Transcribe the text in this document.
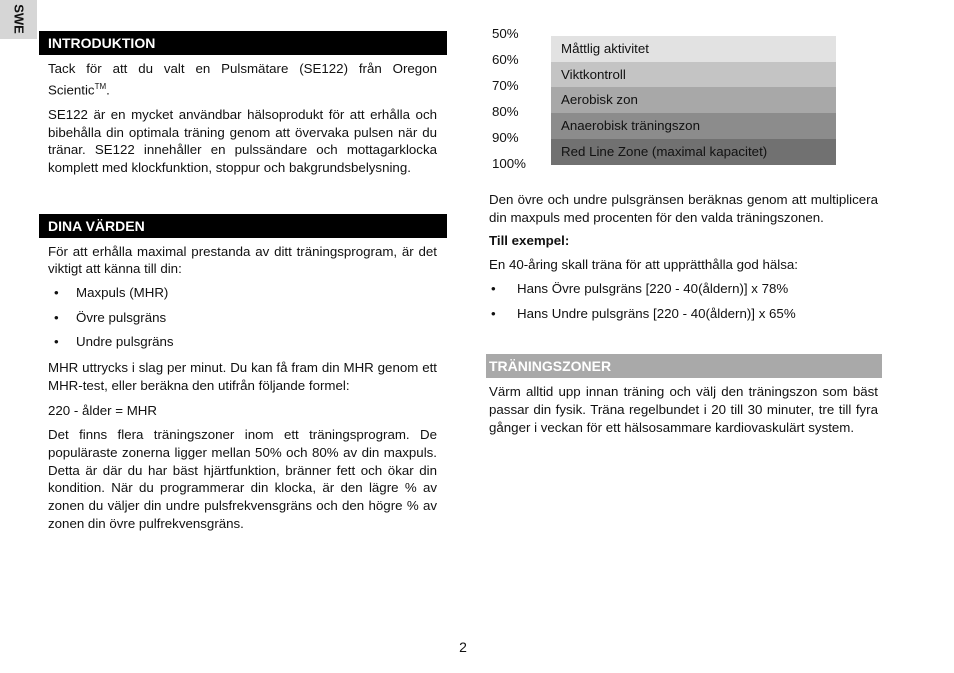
SWE
INTRODUKTION

Tack för att du valt en Pulsmätare (SE122) från Oregon Scientic™.

SE122 är en mycket användbar hälsoprodukt för att erhålla och bibehålla din optimala träning genom att övervaka pulsen när du tränar. SE122 innehåller en pulssändare och mottagarklocka komplett med klockfunktion, stoppur och bakgrundsbelysning.

DINA VÄRDEN

För att erhålla maximal prestanda av ditt träningsprogram, är det viktigt att känna till din:

• Maxpuls (MHR)
• Övre pulsgräns
• Undre pulsgräns

MHR uttrycks i slag per minut. Du kan få fram din MHR genom ett MHR-test, eller beräkna den utifrån följande formel:

220 - ålder = MHR

Det finns flera träningszoner inom ett träningsprogram. De populäraste zonerna ligger mellan 50% och 80% av din maxpuls. Detta är där du har bäst hjärtfunktion, bränner fett och ökar din kondition. När du programmerar din klocka, är den lägre % av zonen du väljer din undre pulsfrekvensgräns och den högre % av zonen din övre pulfrekvensgräns.

50%
60%
70%
80%
90%
100%
Måttlig aktivitet
Viktkontroll
Aerobisk zon
Anaerobisk träningszon
Red Line Zone (maximal kapacitet)

Den övre och undre pulsgränsen beräknas genom att multiplicera din maxpuls med procenten för den valda träningszonen.

Till exempel:

En 40-åring skall träna för att upprätthålla god hälsa:

• Hans Övre pulsgräns [220 - 40(åldern)] x 78%
• Hans Undre pulsgräns [220 - 40(åldern)] x 65%
TRÄNINGSZONER

Värm alltid upp innan träning och välj den träningszon som bäst passar din fysik. Träna regelbundet i 20 till 30 minuter, tre till fyra gånger i veckan för ett hälsosammare kardiovaskulärt system.

2
